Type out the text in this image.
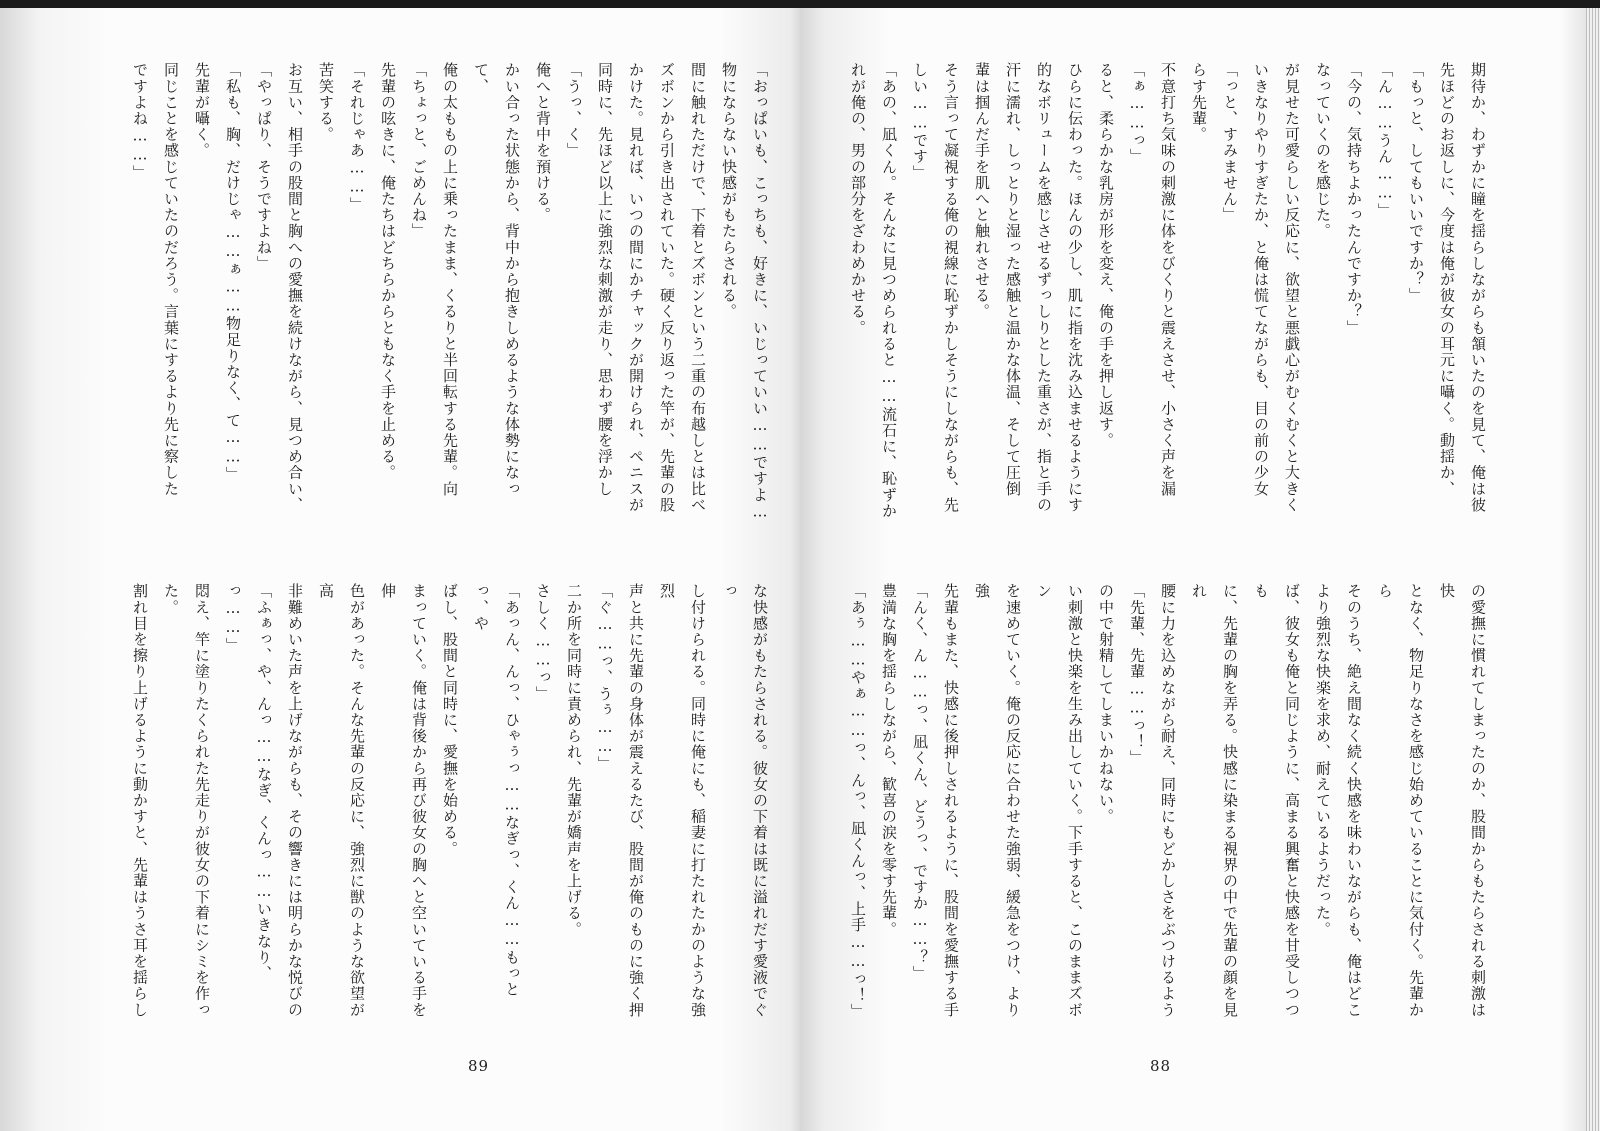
「おっぱいも、こっちも、好きに、いじっていい……ですよ…
物にならない快感がもたらされる。
間に触れただけで、下着とズボンという二重の布越しとは比べ
ズボンから引き出されていた。硬く反り返った竿が、先輩の股
かけた。見れば、いつの間にかチャックが開けられ、ペニスが
同時に、先ほど以上に強烈な刺激が走り、思わず腰を浮かし
「うっ、く」
俺へと背中を預ける。
かい合った状態から、背中から抱きしめるような体勢になって、
俺の太ももの上に乗ったまま、くるりと半回転する先輩。向
「ちょっと、ごめんね」
先輩の呟きに、俺たちはどちらからともなく手を止める。
「それじゃあ……」
苦笑する。
お互い、相手の股間と胸への愛撫を続けながら、見つめ合い、
「やっぱり、そうですよね」
「私も、胸、だけじゃ……ぁ……物足りなく、て……」
先輩が囁く。
同じことを感じていたのだろう。言葉にするより先に察した
ですよね……」

な快感がもたらされる。彼女の下着は既に溢れだす愛液でぐっ
し付けられる。同時に俺にも、稲妻に打たれたかのような強烈
声と共に先輩の身体が震えるたび、股間が俺のものに強く押
「ぐ……っ、うぅ……」
二か所を同時に責められ、先輩が嬌声を上げる。
さしく……っ」
「あっん、んっ、ひゃぅっ……なぎっ、くん……もっとっ、や
ばし、股間と同時に、愛撫を始める。
まっていく。俺は背後から再び彼女の胸へと空いている手を伸
色があった。そんな先輩の反応に、強烈に獣のような欲望が高
非難めいた声を上げながらも、その響きには明らかな悦びの
「ふぁっ、や、んっ……なぎ、くんっ……いきなり、っ……」
悶え、竿に塗りたくられた先走りが彼女の下着にシミを作った。
割れ目を擦り上げるように動かすと、先輩はうさ耳を揺らし

期待か、わずかに瞳を揺らしながらも頷いたのを見て、俺は彼
先ほどのお返しに、今度は俺が彼女の耳元に囁く。動揺か、
「もっと、してもいいですか？」
「ん……うん……」
「今の、気持ちよかったんですか？」
なっていくのを感じた。
が見せた可愛らしい反応に、欲望と悪戯心がむくむくと大きく
いきなりやりすぎたか、と俺は慌てながらも、目の前の少女
「っと、すみません」
らす先輩。
不意打ち気味の刺激に体をびくりと震えさせ、小さく声を漏
「ぁ……っ」
ると、柔らかな乳房が形を変え、俺の手を押し返す。
ひらに伝わった。ほんの少し、肌に指を沈み込ませるようにす
的なボリュームを感じさせるずっしりとした重さが、指と手の
汗に濡れ、しっとりと湿った感触と温かな体温、そして圧倒
輩は掴んだ手を肌へと触れさせる。
そう言って凝視する俺の視線に恥ずかしそうにしながらも、先
しい……です」
「あの、凪くん。そんなに見つめられると……流石に、恥ずか
れが俺の、男の部分をざわめかせる。

の愛撫に慣れてしまったのか、股間からもたらされる刺激は快
となく、物足りなさを感じ始めていることに気付く。先輩から
そのうち、絶え間なく続く快感を味わいながらも、俺はどこ
より強烈な快楽を求め、耐えているようだった。
ば、彼女も俺と同じように、高まる興奮と快感を甘受しつつも
に、先輩の胸を弄る。快感に染まる視界の中で先輩の顔を見れ
腰に力を込めながら耐え、同時にもどかしさをぶつけるよう
「先輩、先輩……っ！」
の中で射精してしまいかねない。
い刺激と快楽を生み出していく。下手すると、このままズボン
を速めていく。俺の反応に合わせた強弱、緩急をつけ、より強
先輩もまた、快感に後押しされるように、股間を愛撫する手
「んく、ん……っ、凪くん、どうっ、ですか……？」
豊満な胸を揺らしながら、歓喜の涙を零す先輩。
「あぅ……やぁ……っ、んっ、凪くんっ、上手……っ！」

89	88
